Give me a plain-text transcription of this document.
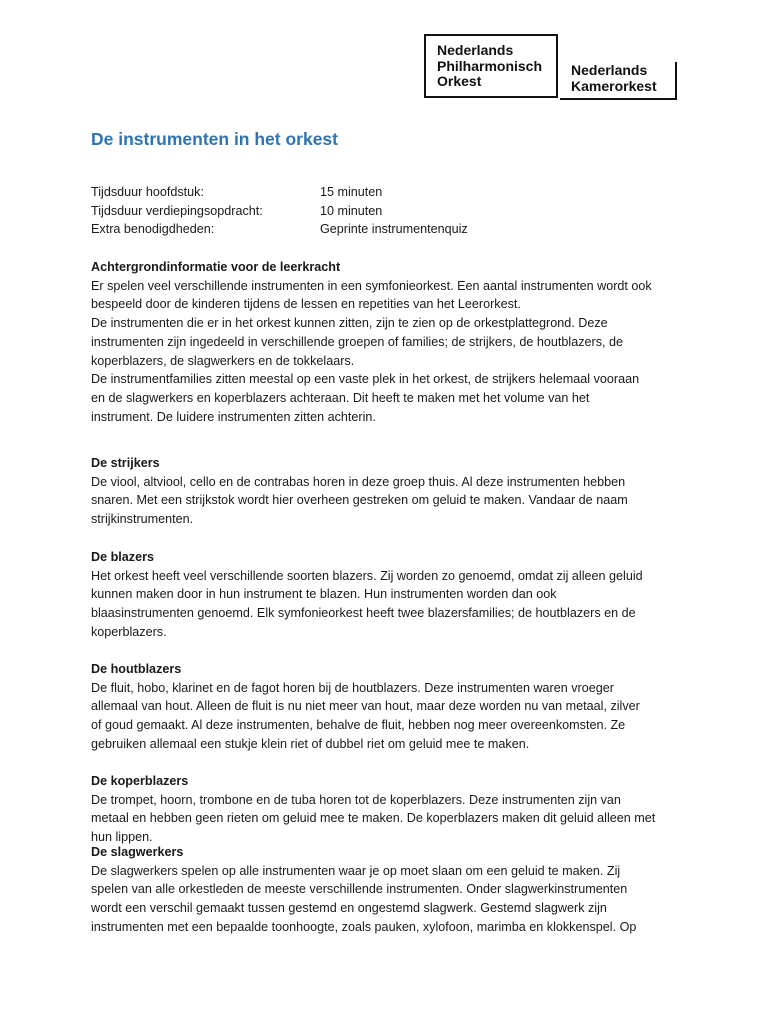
Nederlands
Philharmonisch
Orkest
Nederlands
Kamerorkest
De instrumenten in het orkest
Tijdsduur hoofdstuk:	15 minuten
Tijdsduur verdiepingsopdracht:	10 minuten
Extra benodigdheden:	Geprinte instrumentenquiz
Achtergrondinformatie voor de leerkracht
Er spelen veel verschillende instrumenten in een symfonieorkest. Een aantal instrumenten wordt ook
bespeeld door de kinderen tijdens de lessen en repetities van het Leerorkest.
De instrumenten die er in het orkest kunnen zitten, zijn te zien op de orkestplattegrond. Deze
instrumenten zijn ingedeeld in verschillende groepen of families; de strijkers, de houtblazers, de
koperblazers, de slagwerkers en de tokkelaars.
De instrumentfamilies zitten meestal op een vaste plek in het orkest, de strijkers helemaal vooraan
en de slagwerkers en koperblazers achteraan. Dit heeft te maken met het volume van het
instrument. De luidere instrumenten zitten achterin.
De strijkers
De viool, altviool, cello en de contrabas horen in deze groep thuis. Al deze instrumenten hebben
snaren. Met een strijkstok wordt hier overheen gestreken om geluid te maken. Vandaar de naam
strijkinstrumenten.
De blazers
Het orkest heeft veel verschillende soorten blazers. Zij worden zo genoemd, omdat zij alleen geluid
kunnen maken door in hun instrument te blazen. Hun instrumenten worden dan ook
blaasinstrumenten genoemd. Elk symfonieorkest heeft twee blazersfamilies; de houtblazers en de
koperblazers.
De houtblazers
De fluit, hobo, klarinet en de fagot horen bij de houtblazers. Deze instrumenten waren vroeger
allemaal van hout. Alleen de fluit is nu niet meer van hout, maar deze worden nu van metaal, zilver
of goud gemaakt. Al deze instrumenten, behalve de fluit, hebben nog meer overeenkomsten. Ze
gebruiken allemaal een stukje klein riet of dubbel riet om geluid mee te maken.
De koperblazers
De trompet, hoorn, trombone en de tuba horen tot de koperblazers. Deze instrumenten zijn van
metaal en hebben geen rieten om geluid mee te maken. De koperblazers maken dit geluid alleen met
hun lippen.
De slagwerkers
De slagwerkers spelen op alle instrumenten waar je op moet slaan om een geluid te maken. Zij
spelen van alle orkestleden de meeste verschillende instrumenten. Onder slagwerkinstrumenten
wordt een verschil gemaakt tussen gestemd en ongestemd slagwerk. Gestemd slagwerk zijn
instrumenten met een bepaalde toonhoogte, zoals pauken, xylofoon, marimba en klokkenspel. Op
